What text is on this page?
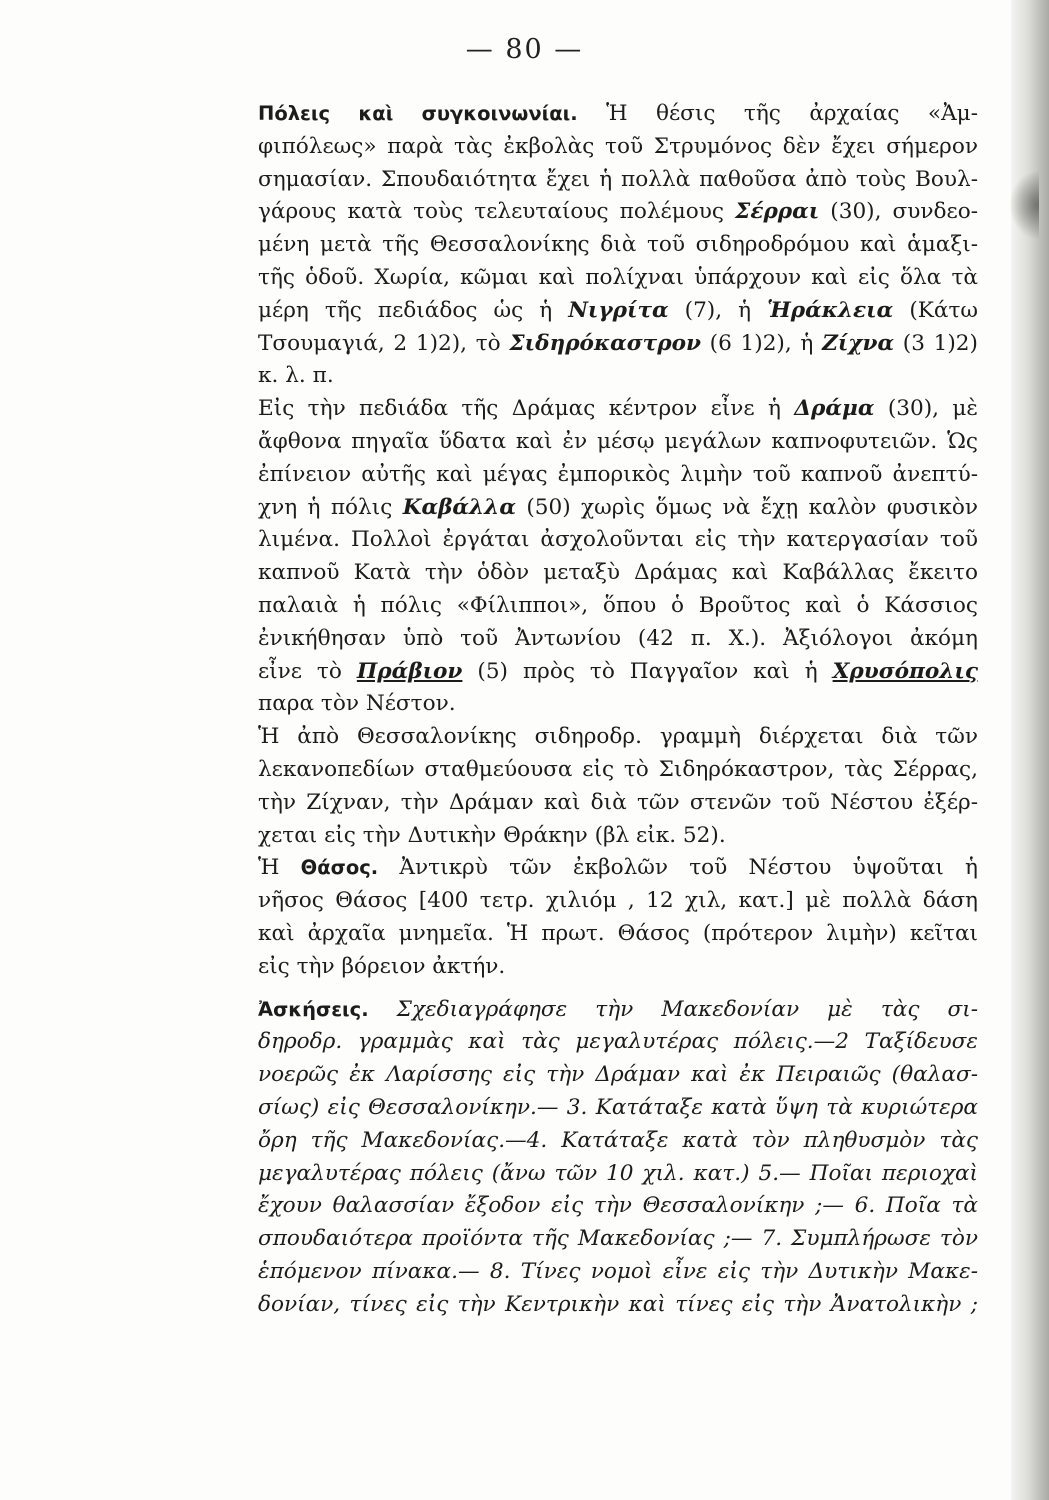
— 80 —
Πόλεις καὶ συγκοινωνίαι. Ἡ θέσις τῆς ἀρχαίας «Ἀμ-
φιπόλεως» παρὰ τὰς ἐκβολὰς τοῦ Στρυμόνος δὲν ἔχει σήμερον
σημασίαν. Σπουδαιότητα ἔχει ἡ πολλὰ παθοῦσα ἀπὸ τοὺς Βουλ-
γάρους κατὰ τοὺς τελευταίους πολέμους Σέρραι (30), συνδεο-
μένη μετὰ τῆς Θεσσαλονίκης διὰ τοῦ σιδηροδρόμου καὶ ἁμαξι-
τῆς ὁδοῦ. Χωρία, κῶμαι καὶ πολίχναι ὑπάρχουν καὶ εἰς ὅλα τὰ
μέρη τῆς πεδιάδος ὡς ἡ Νιγρίτα (7), ἡ Ἡράκλεια (Κάτω
Τσουμαγιά, 2 1)2), τὸ Σιδηρόκαστρον (6 1)2), ἡ Ζίχνα (3 1)2)
κ. λ. π.
Εἰς τὴν πεδιάδα τῆς Δράμας κέντρον εἶνε ἡ Δράμα (30), μὲ
ἄφθονα πηγαῖα ὕδατα καὶ ἐν μέσῳ μεγάλων καπνοφυτειῶν. Ὡς
ἐπίνειον αὐτῆς καὶ μέγας ἐμπορικὸς λιμὴν τοῦ καπνοῦ ἀνεπτύ-
χνη ἡ πόλις Καβάλλα (50) χωρὶς ὅμως νὰ ἔχῃ καλὸν φυσικὸν
λιμένα. Πολλοὶ ἐργάται ἀσχολοῦνται εἰς τὴν κατεργασίαν τοῦ
καπνοῦ Κατὰ τὴν ὁδὸν μεταξὺ Δράμας καὶ Καβάλλας ἔκειτο
παλαιὰ ἡ πόλις «Φίλιπποι», ὅπου ὁ Βροῦτος καὶ ὁ Κάσσιος
ἐνικήθησαν ὑπὸ τοῦ Ἀντωνίου (42 π. Χ.). Ἀξιόλογοι ἀκόμη
εἶνε τὸ Πράβιον (5) πρὸς τὸ Παγγαῖον καὶ ἡ Χρυσόπολις
παρα τὸν Νέστον.
Ἡ ἀπὸ Θεσσαλονίκης σιδηροδρ. γραμμὴ διέρχεται διὰ τῶν
λεκανοπεδίων σταθμεύουσα εἰς τὸ Σιδηρόκαστρον, τὰς Σέρρας,
τὴν Ζίχναν, τὴν Δράμαν καὶ διὰ τῶν στενῶν τοῦ Νέστου ἐξέρ-
χεται εἰς τὴν Δυτικὴν Θράκην (βλ εἰκ. 52).
Ἡ Θάσος. Ἀντικρὺ τῶν ἐκβολῶν τοῦ Νέστου ὑψοῦται ἡ
νῆσος Θάσος [400 τετρ. χιλιόμ , 12 χιλ, κατ.] μὲ πολλὰ δάση
καὶ ἀρχαῖα μνημεῖα. Ἡ πρωτ. Θάσος (πρότερον λιμὴν) κεῖται
εἰς τὴν βόρειον ἀκτήν.
Ἀσκήσεις. Σχεδιαγράφησε τὴν Μακεδονίαν μὲ τὰς σι-
δηροδρ. γραμμὰς καὶ τὰς μεγαλυτέρας πόλεις.—2 Ταξίδευσε
νοερῶς ἐκ Λαρίσσης εἰς τὴν Δράμαν καὶ ἐκ Πειραιῶς (θαλασ-
σίως) εἰς Θεσσαλονίκην.— 3. Κατάταξε κατὰ ὕψη τὰ κυριώτερα
ὄρη τῆς Μακεδονίας.—4. Κατάταξε κατὰ τὸν πληθυσμὸν τὰς
μεγαλυτέρας πόλεις (ἄνω τῶν 10 χιλ. κατ.) 5.— Ποῖαι περιοχαὶ
ἔχουν θαλασσίαν ἔξοδον εἰς τὴν Θεσσαλονίκην ;— 6. Ποῖα τὰ
σπουδαιότερα προϊόντα τῆς Μακεδονίας ;— 7. Συμπλήρωσε τὸν
ἑπόμενον πίνακα.— 8. Τίνες νομοὶ εἶνε εἰς τὴν Δυτικὴν Μακε-
δονίαν, τίνες εἰς τὴν Κεντρικὴν καὶ τίνες εἰς τὴν Ἀνατολικὴν ;
